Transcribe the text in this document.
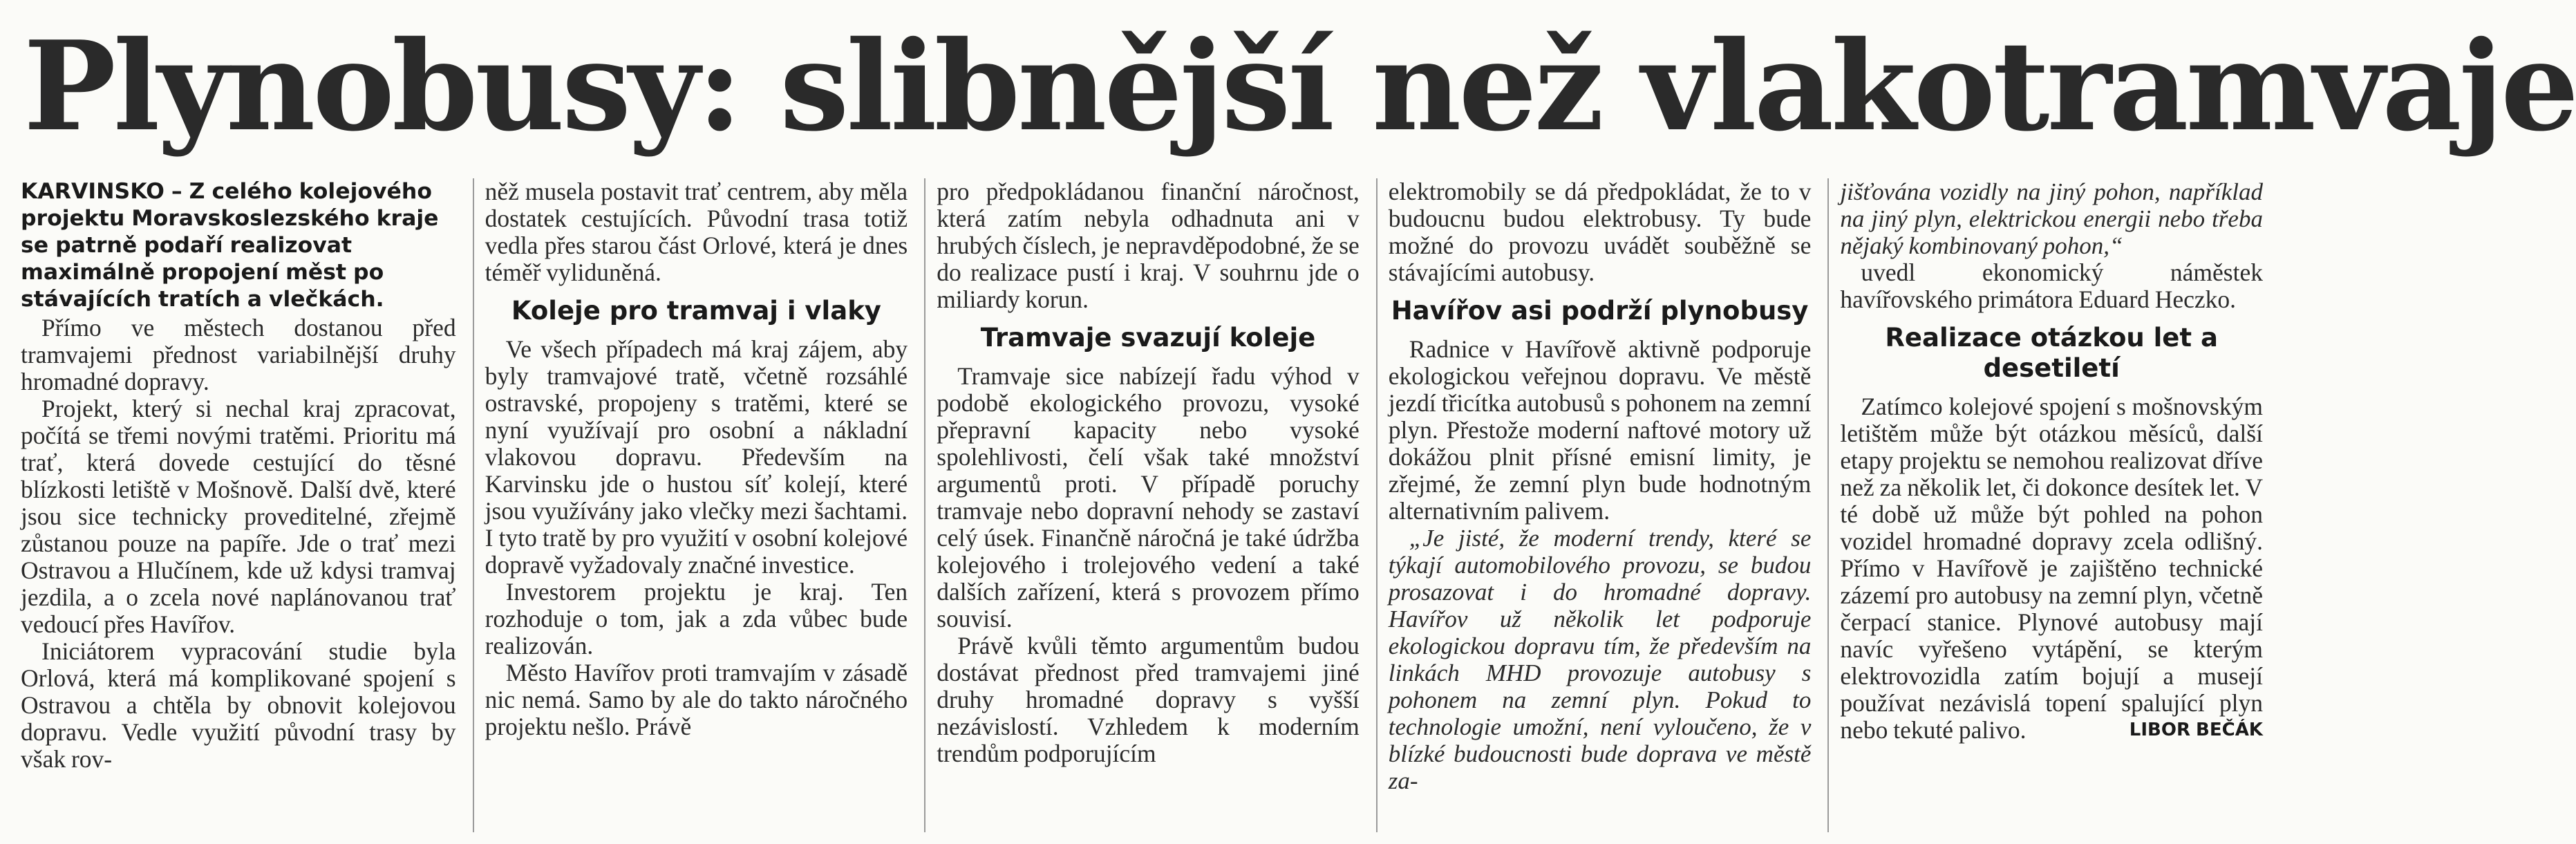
Plynobusy: slibnější než vlakotramvaje

KARVINSKO – Z celého kolejového projektu Moravskoslezského kraje se patrně podaří realizovat maximálně propojení měst po stávajících tratích a vlečkách.

Přímo ve městech dostanou před tramvajemi přednost variabilnější druhy hromadné dopravy.

Projekt, který si nechal kraj zpracovat, počítá se třemi novými tratěmi. Prioritu má trať, která dovede cestující do těsné blízkosti letiště v Mošnově. Další dvě, které jsou sice technicky proveditelné, zřejmě zůstanou pouze na papíře. Jde o trať mezi Ostravou a Hlučínem, kde už kdysi tramvaj jezdila, a o zcela nové naplánovanou trať vedoucí přes Havířov.

Iniciátorem vypracování studie byla Orlová, která má komplikované spojení s Ostravou a chtěla by obnovit kolejovou dopravu. Vedle využití původní trasy by však rov-

něž musela postavit trať centrem, aby měla dostatek cestujících. Původní trasa totiž vedla přes starou část Orlové, která je dnes téměř vyliduněná.

Koleje pro tramvaj i vlaky

Ve všech případech má kraj zájem, aby byly tramvajové tratě, včetně rozsáhlé ostravské, propojeny s tratěmi, které se nyní využívají pro osobní a nákladní vlakovou dopravu. Především na Karvinsku jde o hustou síť kolejí, které jsou využívány jako vlečky mezi šachtami. I tyto tratě by pro využití v osobní kolejové dopravě vyžadovaly značné investice.

Investorem projektu je kraj. Ten rozhoduje o tom, jak a zda vůbec bude realizován.

Město Havířov proti tramvajím v zásadě nic nemá. Samo by ale do takto náročného projektu nešlo. Právě

pro předpokládanou finanční náročnost, která zatím nebyla odhadnuta ani v hrubých číslech, je nepravděpodobné, že se do realizace pustí i kraj. V souhrnu jde o miliardy korun.

Tramvaje svazují koleje

Tramvaje sice nabízejí řadu výhod v podobě ekologického provozu, vysoké přepravní kapacity nebo vysoké spolehlivosti, čelí však také množství argumentů proti. V případě poruchy tramvaje nebo dopravní nehody se zastaví celý úsek. Finančně náročná je také údržba kolejového i trolejového vedení a také dalších zařízení, která s provozem přímo souvisí.

Právě kvůli těmto argumentům budou dostávat přednost před tramvajemi jiné druhy hromadné dopravy s vyšší nezávislostí. Vzhledem k moderním trendům podporujícím

elektromobily se dá předpokládat, že to v budoucnu budou elektrobusy. Ty bude možné do provozu uvádět souběžně se stávajícími autobusy.

Havířov asi podrží plynobusy

Radnice v Havířově aktivně podporuje ekologickou veřejnou dopravu. Ve městě jezdí třicítka autobusů s pohonem na zemní plyn. Přestože moderní naftové motory už dokážou plnit přísné emisní limity, je zřejmé, že zemní plyn bude hodnotným alternativním palivem.

„Je jisté, že moderní trendy, které se týkají automobilového provozu, se budou prosazovat i do hromadné dopravy. Havířov už několik let podporuje ekologickou dopravu tím, že především na linkách MHD provozuje autobusy s pohonem na zemní plyn. Pokud to technologie umožní, není vyloučeno, že v blízké budoucnosti bude doprava ve městě za-

jišťována vozidly na jiný pohon, například na jiný plyn, elektrickou energii nebo třeba nějaký kombinovaný pohon,“

uvedl ekonomický náměstek havířovského primátora Eduard Heczko.

Realizace otázkou let a desetiletí

Zatímco kolejové spojení s mošnovským letištěm může být otázkou měsíců, další etapy projektu se nemohou realizovat dříve než za několik let, či dokonce desítek let. V té době už může být pohled na pohon vozidel hromadné dopravy zcela odlišný. Přímo v Havířově je zajištěno technické zázemí pro autobusy na zemní plyn, včetně čerpací stanice. Plynové autobusy mají navíc vyřešeno vytápění, se kterým elektrovozidla zatím bojují a musejí používat nezávislá topení spalující plyn nebo tekuté palivo.	LIBOR BEČÁK
